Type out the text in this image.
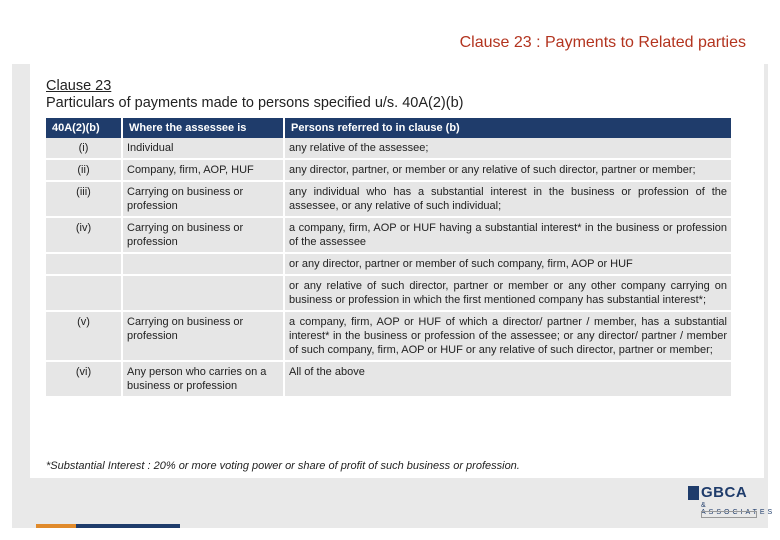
Clause 23 : Payments to Related parties
Clause 23
Particulars of payments made to persons specified u/s. 40A(2)(b)
40A(2)(b)	Where the assessee is	Persons referred to in clause (b)
(i)	Individual	any relative of the assessee;
(ii)	Company, firm, AOP, HUF	any director, partner, or member or any relative of such director, partner or member;
(iii)	Carrying on business or profession	any individual who has a substantial interest in the business or profession of the assessee, or any relative of such individual;
(iv)	Carrying on business or profession	a company, firm, AOP or HUF having a substantial interest* in the business or profession of the assessee
		or any director, partner or member of such company, firm, AOP or HUF
		or any relative of such director, partner or member or any other company carrying on business or profession in which the first mentioned company has substantial interest*;
(v)	Carrying on business or profession	a company, firm, AOP or HUF of which a director/ partner / member, has a substantial interest* in the business or profession of the assessee; or any director/ partner / member of such company, firm, AOP or HUF or any relative of such director, partner or member;
(vi)	Any person who carries on a business or profession	All of the above
*Substantial Interest : 20% or more voting power or share of profit of such business or profession.
GBCA
& ASSOCIATES
